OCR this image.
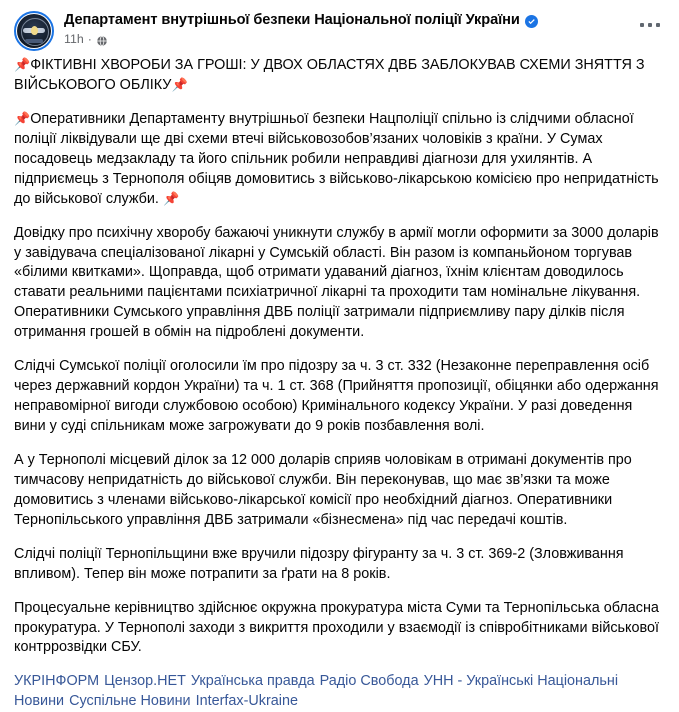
Департамент внутрішньої безпеки Національної поліції України
11h ·

📌ФІКТИВНІ ХВОРОБИ ЗА ГРОШІ: У ДВОХ ОБЛАСТЯХ ДВБ ЗАБЛОКУВАВ СХЕМИ ЗНЯТТЯ З ВІЙСЬКОВОГО ОБЛІКУ📌

📌Оперативники Департаменту внутрішньої безпеки Нацполіції спільно із слідчими обласної поліції ліквідували ще дві схеми втечі військовозобов’язаних чоловіків з країни. У Сумах посадовець медзакладу та його спільник робили неправдиві діагнози для ухилянтів. А підприємець з Тернополя обіцяв домовитись з військово-лікарською комісією про непридатність до військової служби. 📌

Довідку про психічну хворобу бажаючі уникнути службу в армії могли оформити за 3000 доларів у завідувача спеціалізованої лікарні у Сумській області. Він разом із компаньйоном торгував «білими квитками». Щоправда, щоб отримати удаваний діагноз, їхнім клієнтам доводилось ставати реальними пацієнтами психіатричної лікарні та проходити там номінальне лікування. Оперативники Сумського управління ДВБ поліції затримали підприємливу пару ділків після отримання грошей в обмін на підроблені документи.

Слідчі Сумської поліції оголосили їм про підозру за ч. 3 ст. 332 (Незаконне переправлення осіб через державний кордон України) та ч. 1 ст. 368 (Прийняття пропозиції, обіцянки або одержання неправомірної вигоди службовою особою) Кримінального кодексу України. У разі доведення вини у суді спільникам може загрожувати до 9 років позбавлення волі.

А у Тернополі місцевий ділок за 12 000 доларів сприяв чоловікам в отримані документів про тимчасову непридатність до військової служби. Він переконував, що має зв’язки та може домовитись з членами військово-лікарської комісії про необхідний діагноз. Оперативники Тернопільського управління ДВБ затримали «бізнесмена» під час передачі коштів.

Слідчі поліції Тернопільщини вже вручили підозру фігуранту за ч. 3 ст. 369-2 (Зловживання впливом). Тепер він може потрапити за ґрати на 8 років.

Процесуальне керівництво здійснює окружна прокуратура міста Суми та Тернопільська обласна прокуратура. У Тернополі заходи з викриття проходили у взаємодії із співробітниками військової контррозвідки СБУ.

УКРІНФОРМ Цензор.НЕТ Українська правда Радіо Свобода УНН - Українські Національні Новини Суспільне Новини Interfax-Ukraine
